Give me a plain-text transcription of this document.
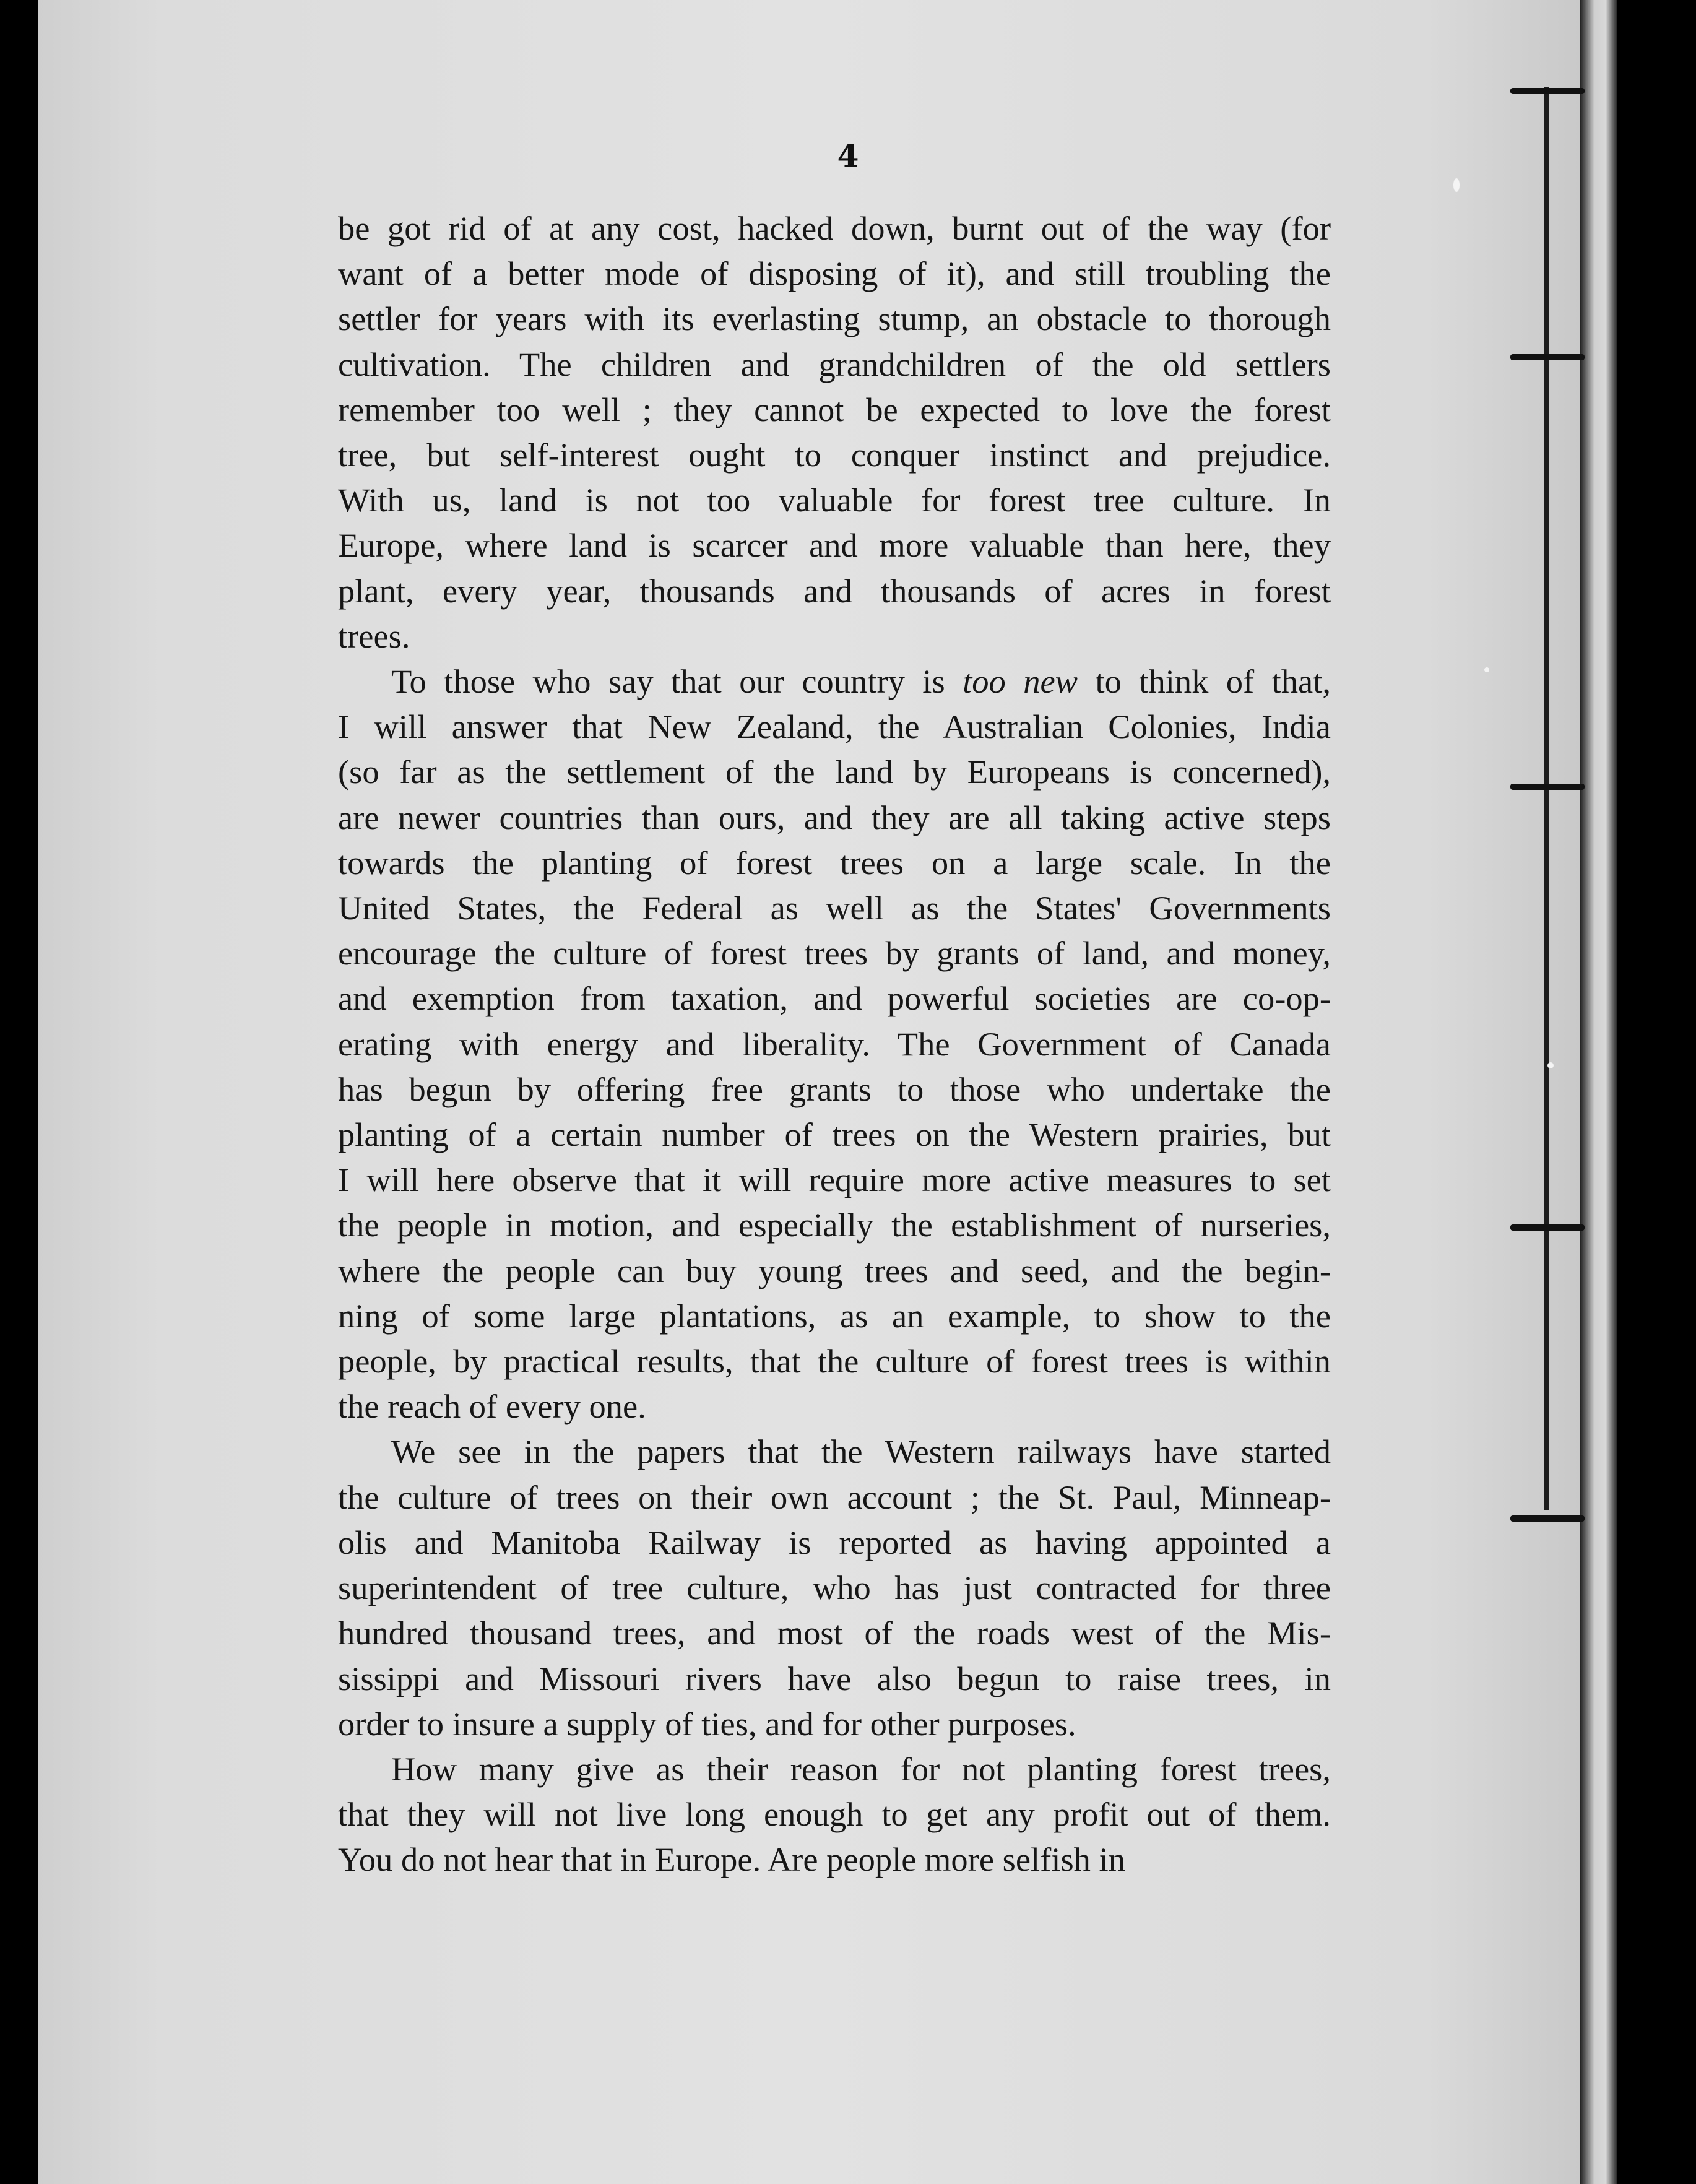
4

be got rid of at any cost, hacked down, burnt out of the way (for
want of a better mode of disposing of it), and still troubling the
settler for years with its everlasting stump, an obstacle to thorough
cultivation. The children and grandchildren of the old settlers
remember too well ; they cannot be expected to love the forest
tree, but self-interest ought to conquer instinct and prejudice.
With us, land is not too valuable for forest tree culture. In
Europe, where land is scarcer and more valuable than here, they
plant, every year, thousands and thousands of acres in forest
trees.

To those who say that our country is too new to think of that,
I will answer that New Zealand, the Australian Colonies, India
(so far as the settlement of the land by Europeans is concerned),
are newer countries than ours, and they are all taking active steps
towards the planting of forest trees on a large scale. In the
United States, the Federal as well as the States' Governments
encourage the culture of forest trees by grants of land, and money,
and exemption from taxation, and powerful societies are co-op-
erating with energy and liberality. The Government of Canada
has begun by offering free grants to those who undertake the
planting of a certain number of trees on the Western prairies, but
I will here observe that it will require more active measures to set
the people in motion, and especially the establishment of nurseries,
where the people can buy young trees and seed, and the begin-
ning of some large plantations, as an example, to show to the
people, by practical results, that the culture of forest trees is within
the reach of every one.

We see in the papers that the Western railways have started
the culture of trees on their own account ; the St. Paul, Minneap-
olis and Manitoba Railway is reported as having appointed a
superintendent of tree culture, who has just contracted for three
hundred thousand trees, and most of the roads west of the Mis-
sissippi and Missouri rivers have also begun to raise trees, in
order to insure a supply of ties, and for other purposes.

How many give as their reason for not planting forest trees,
that they will not live long enough to get any profit out of them.
You do not hear that in Europe. Are people more selfish in
